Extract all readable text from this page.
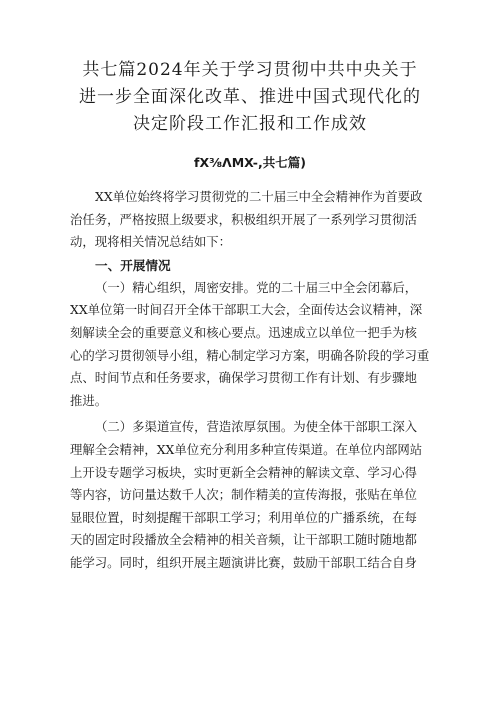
共七篇2024年关于学习贯彻中共中央关于
进一步全面深化改革、推进中国式现代化的
决定阶段工作汇报和工作成效
fX⅜ΛMX-,共七篇)

XX单位始终将学习贯彻党的二十届三中全会精神作为首要政
治任务，严格按照上级要求，积极组织开展了一系列学习贯彻活
动，现将相关情况总结如下：

一、开展情况

（一）精心组织，周密安排。党的二十届三中全会闭幕后，
XX单位第一时间召开全体干部职工大会，全面传达会议精神，深
刻解读全会的重要意义和核心要点。迅速成立以单位一把手为核
心的学习贯彻领导小组，精心制定学习方案，明确各阶段的学习重
点、时间节点和任务要求，确保学习贯彻工作有计划、有步骤地
推进。

（二）多渠道宣传，营造浓厚氛围。为使全体干部职工深入
理解全会精神，XX单位充分利用多种宣传渠道。在单位内部网站
上开设专题学习板块，实时更新全会精神的解读文章、学习心得
等内容，访问量达数千人次；制作精美的宣传海报，张贴在单位
显眼位置，时刻提醒干部职工学习；利用单位的广播系统，在每
天的固定时段播放全会精神的相关音频，让干部职工随时随地都
能学习。同时，组织开展主题演讲比赛，鼓励干部职工结合自身
